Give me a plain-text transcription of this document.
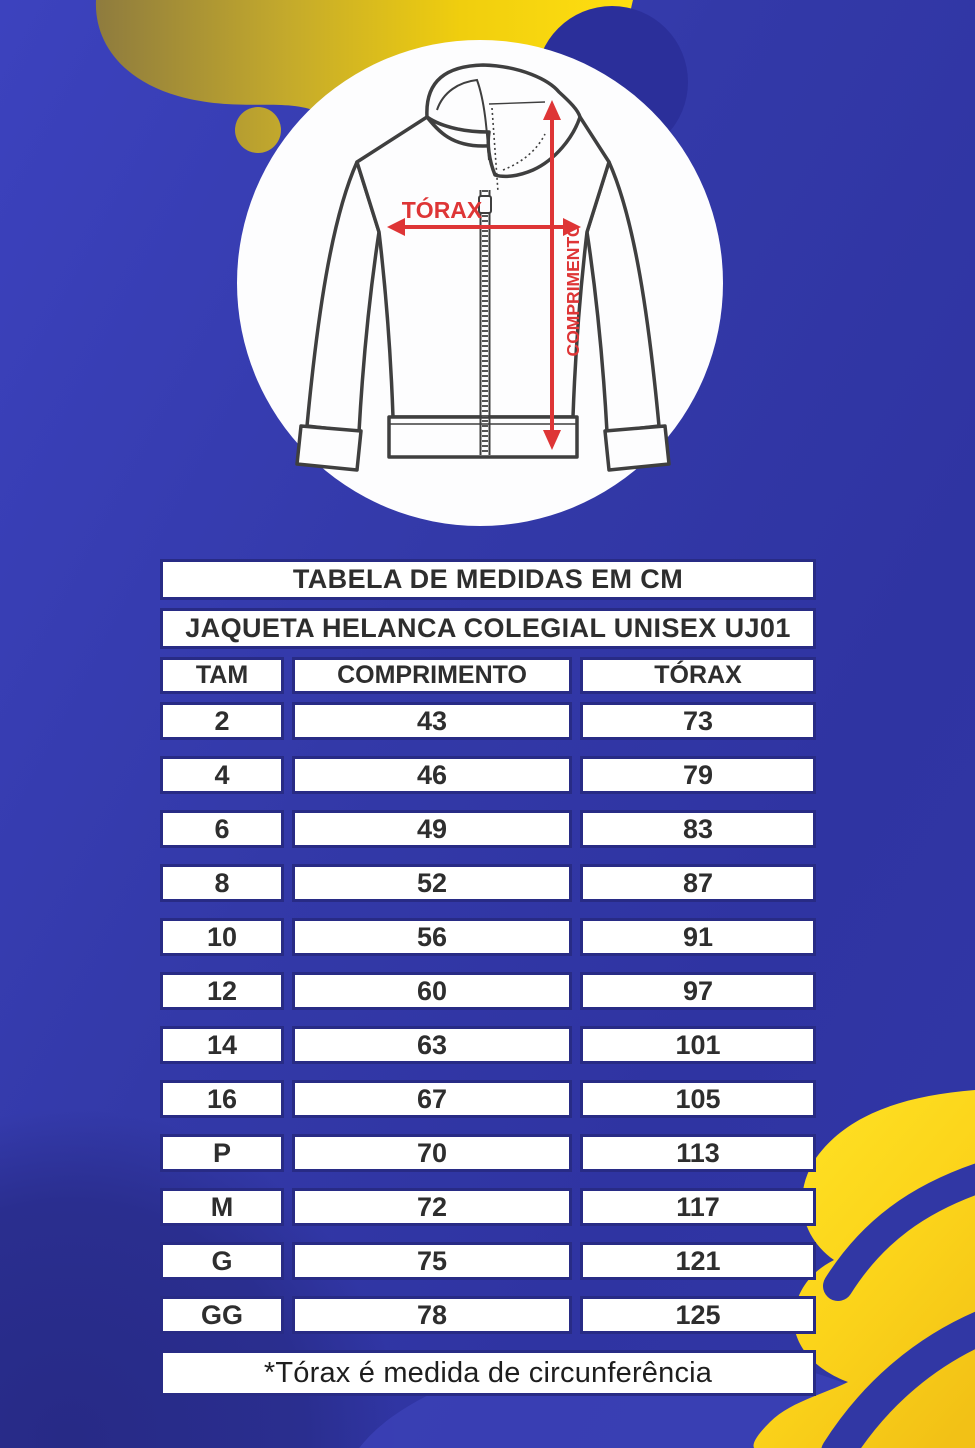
TÓRAX
COMPRIMENTO
TABELA DE MEDIDAS EM CM
JAQUETA HELANCA COLEGIAL UNISEX UJ01
TAM	COMPRIMENTO	TÓRAX
2	43	73
4	46	79
6	49	83
8	52	87
10	56	91
12	60	97
14	63	101
16	67	105
P	70	113
M	72	117
G	75	121
GG	78	125
*Tórax é medida de circunferência
